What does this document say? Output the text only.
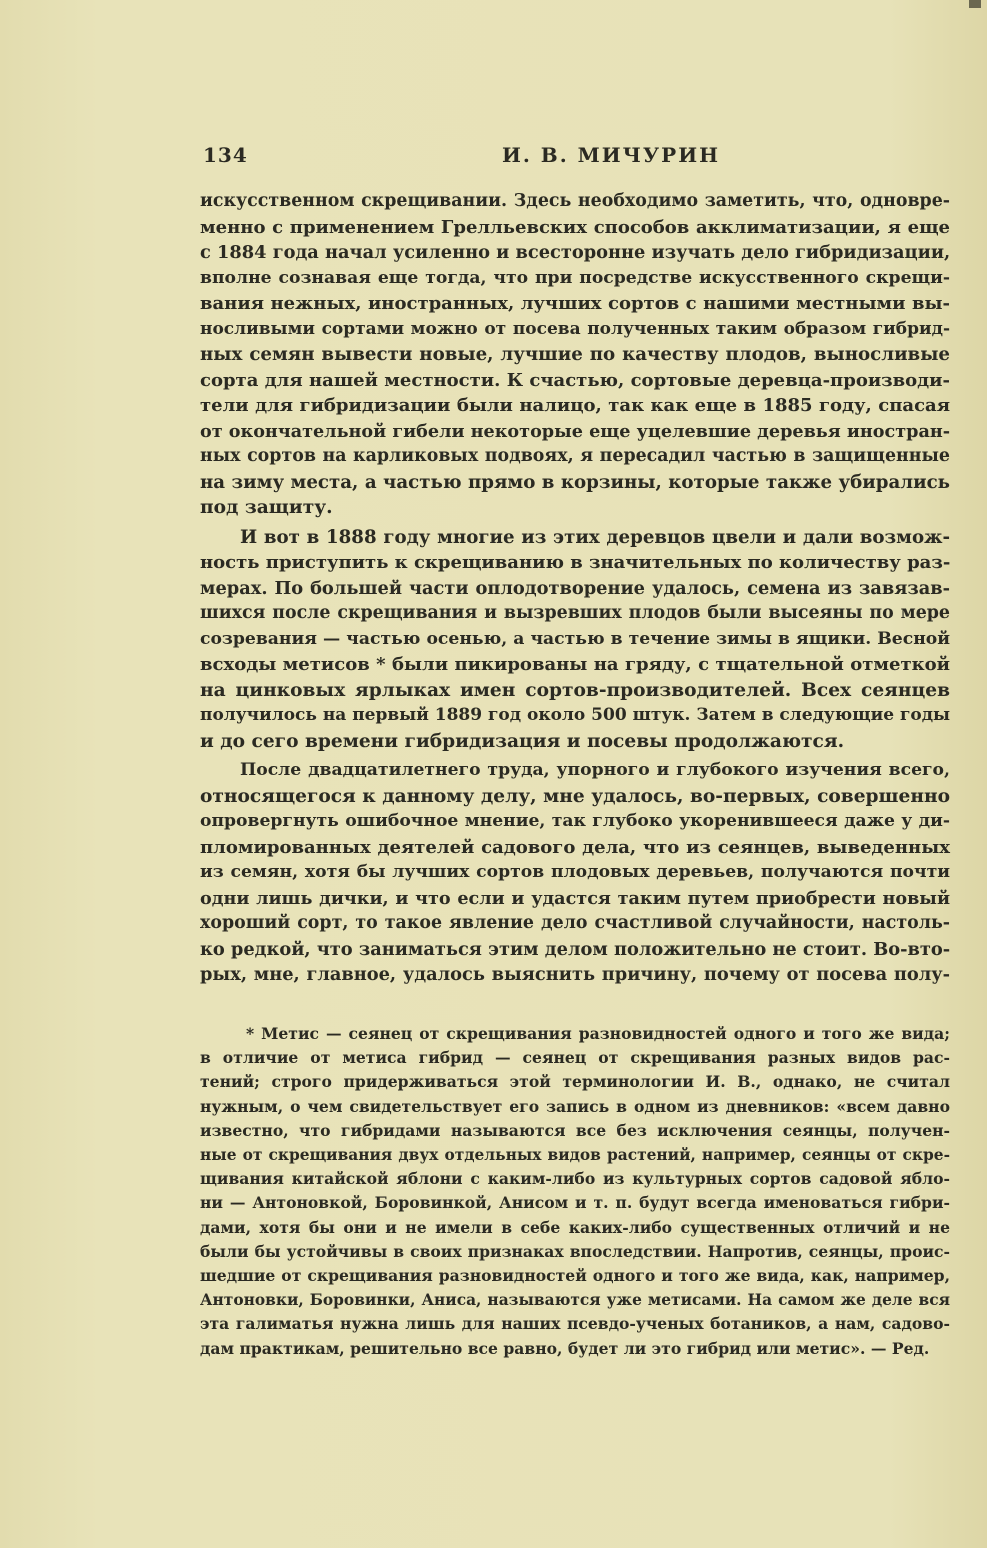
134	И. В. МИЧУРИН
искусственном скрещивании. Здесь необходимо заметить, что, одновре-
менно с применением Грелльевских способов акклиматизации, я еще
с 1884 года начал усиленно и всесторонне изучать дело гибридизации,
вполне сознавая еще тогда, что при посредстве искусственного скрещи-
вания нежных, иностранных, лучших сортов с нашими местными вы-
носливыми сортами можно от посева полученных таким образом гибрид-
ных семян вывести новые, лучшие по качеству плодов, выносливые
сорта для нашей местности. К счастью, сортовые деревца-производи-
тели для гибридизации были налицо, так как еще в 1885 году, спасая
от окончательной гибели некоторые еще уцелевшие деревья иностран-
ных сортов на карликовых подвоях, я пересадил частью в защищенные
на зиму места, а частью прямо в корзины, которые также убирались
под защиту.
И вот в 1888 году многие из этих деревцов цвели и дали возмож-
ность приступить к скрещиванию в значительных по количеству раз-
мерах. По большей части оплодотворение удалось, семена из завязав-
шихся после скрещивания и вызревших плодов были высеяны по мере
созревания — частью осенью, а частью в течение зимы в ящики. Весной
всходы метисов * были пикированы на гряду, с тщательной отметкой
на цинковых ярлыках имен сортов-производителей. Всех сеянцев
получилось на первый 1889 год около 500 штук. Затем в следующие годы
и до сего времени гибридизация и посевы продолжаются.
После двадцатилетнего труда, упорного и глубокого изучения всего,
относящегося к данному делу, мне удалось, во-первых, совершенно
опровергнуть ошибочное мнение, так глубоко укоренившееся даже у ди-
пломированных деятелей садового дела, что из сеянцев, выведенных
из семян, хотя бы лучших сортов плодовых деревьев, получаются почти
одни лишь дички, и что если и удастся таким путем приобрести новый
хороший сорт, то такое явление дело счастливой случайности, настоль-
ко редкой, что заниматься этим делом положительно не стоит. Во-вто-
рых, мне, главное, удалось выяснить причину, почему от посева полу-
* Метис — сеянец от скрещивания разновидностей одного и того же вида;
в отличие от метиса гибрид — сеянец от скрещивания разных видов рас-
тений; строго придерживаться этой терминологии И. В., однако, не считал
нужным, о чем свидетельствует его запись в одном из дневников: «всем давно
известно, что гибридами называются все без исключения сеянцы, получен-
ные от скрещивания двух отдельных видов растений, например, сеянцы от скре-
щивания китайской яблони с каким-либо из культурных сортов садовой ябло-
ни — Антоновкой, Боровинкой, Анисом и т. п. будут всегда именоваться гибри-
дами, хотя бы они и не имели в себе каких-либо существенных отличий и не
были бы устойчивы в своих признаках впоследствии. Напротив, сеянцы, проис-
шедшие от скрещивания разновидностей одного и того же вида, как, например,
Антоновки, Боровинки, Аниса, называются уже метисами. На самом же деле вся
эта галиматья нужна лишь для наших псевдо-ученых ботаников, а нам, садово-
дам практикам, решительно все равно, будет ли это гибрид или метис». — Ред.
